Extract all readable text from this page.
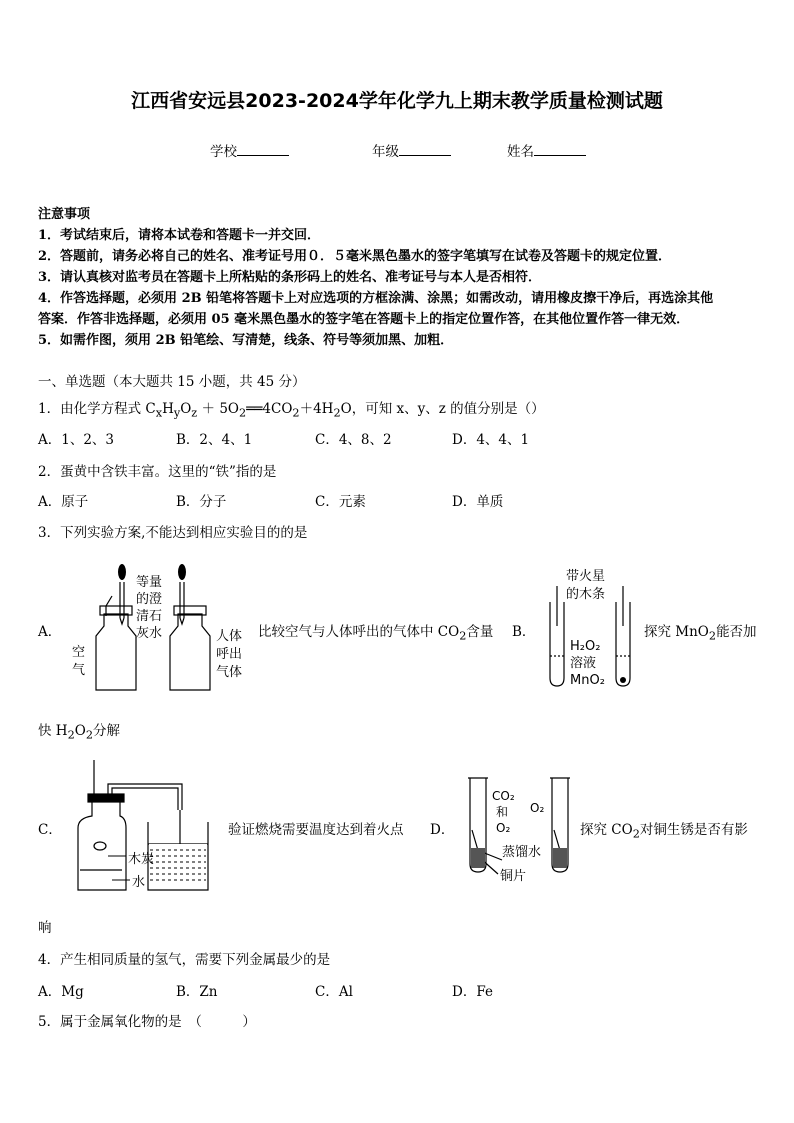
江西省安远县2023-2024学年化学九上期末教学质量检测试题
学校	年级	姓名
注意事项
1．考试结束后，请将本试卷和答题卡一并交回．
2．答题前，请务必将自己的姓名、准考证号用０．５毫米黑色墨水的签字笔填写在试卷及答题卡的规定位置．
3．请认真核对监考员在答题卡上所粘贴的条形码上的姓名、准考证号与本人是否相符．
4．作答选择题，必须用 2B 铅笔将答题卡上对应选项的方框涂满、涂黑；如需改动，请用橡皮擦干净后，再选涂其他
答案．作答非选择题，必须用 05 毫米黑色墨水的签字笔在答题卡上的指定位置作答，在其他位置作答一律无效．
5．如需作图，须用 2B 铅笔绘、写清楚，线条、符号等须加黑、加粗．
一、单选题（本大题共 15 小题，共 45 分）
1．由化学方程式 $C_xH_yO_z$ ＋ $5O_2══4CO_2+4H_2O$，可知 x、y、z 的值分别是（）
A．1、2、3	B．2、4、1	C．4、8、2	D．4、4、1
2．蛋黄中含铁丰富。这里的“铁”指的是
A．原子	B．分子	C．元素	D．单质
3．下列实验方案,不能达到相应实验目的的是
A．
等量
的澄
清石
灰水
空
气
人体
呼出
气体
比较空气与人体呼出的气体中 $CO_2$含量 B．
带火星
的木条
H₂O₂
溶液
MnO₂
探究 MnO$_2$能否加
快 $H_2O_2$分解
C．
木炭
水
验证燃烧需要温度达到着火点 D．
CO₂
和
O₂
O₂
蒸馏水
铜片
探究 $CO_2$对铜生锈是否有影
响
4．产生相同质量的氢气，需要下列金属最少的是
A．Mg	B．Zn	C．Al	D．Fe
5．属于金属氧化物的是　（　　　）
